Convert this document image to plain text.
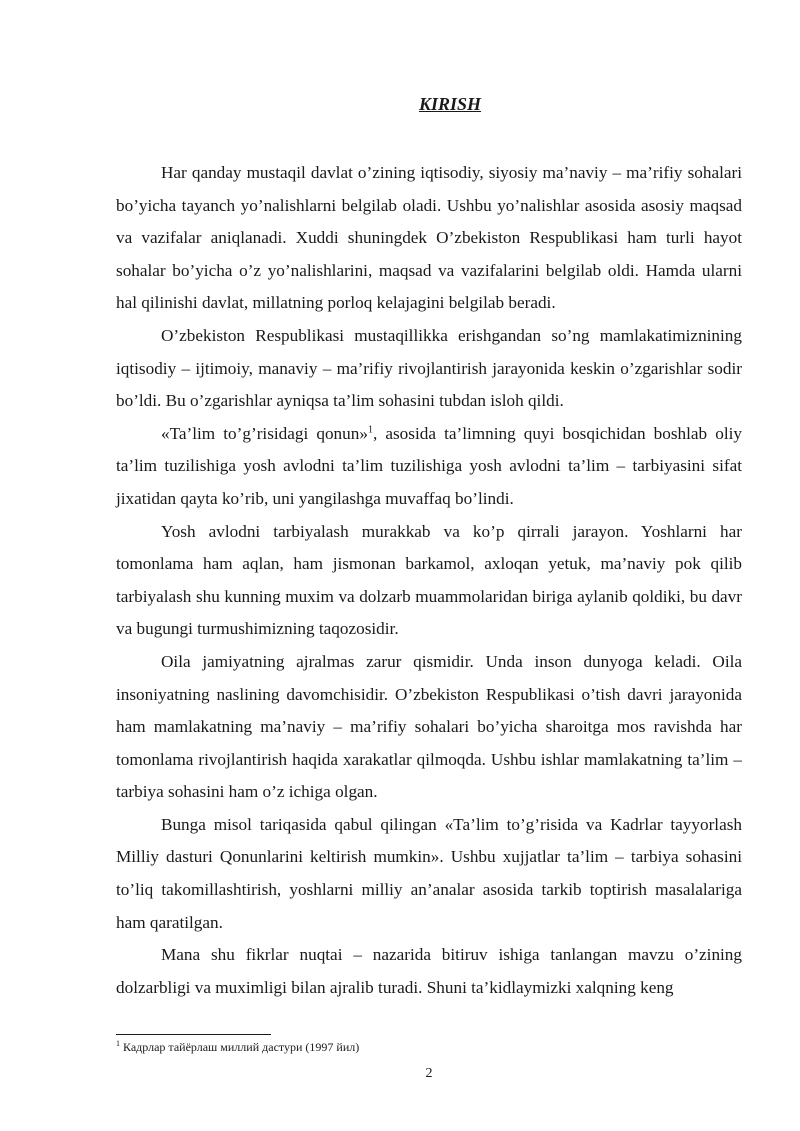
KIRISH

Har qanday mustaqil davlat o’zining iqtisodiy, siyosiy ma’naviy – ma’rifiy sohalari bo’yicha tayanch yo’nalishlarni belgilab oladi. Ushbu yo’nalishlar asosida asosiy maqsad va vazifalar aniqlanadi. Xuddi shuningdek O’zbekiston Respublikasi ham turli hayot sohalar bo’yicha o’z yo’nalishlarini, maqsad va vazifalarini belgilab oldi. Hamda ularni hal qilinishi davlat, millatning porloq kelajagini belgilab beradi.

O’zbekiston Respublikasi mustaqillikka erishgandan so’ng mamlakatimiznining iqtisodiy – ijtimoiy, manaviy – ma’rifiy rivojlantirish jarayonida keskin o’zgarishlar sodir bo’ldi. Bu o’zgarishlar ayniqsa ta’lim sohasini tubdan isloh qildi.

«Ta’lim to’g’risidagi qonun»$^1$, asosida ta’limning quyi bosqichidan boshlab oliy ta’lim tuzilishiga yosh avlodni ta’lim tuzilishiga yosh avlodni ta’lim – tarbiyasini sifat jixatidan qayta ko’rib, uni yangilashga muvaffaq bo’lindi.

Yosh avlodni tarbiyalash murakkab va ko’p qirrali jarayon. Yoshlarni har tomonlama ham aqlan, ham jismonan barkamol, axloqan yetuk, ma’naviy pok qilib tarbiyalash shu kunning muxim va dolzarb muammolaridan biriga aylanib qoldiki, bu davr va bugungi turmushimizning taqozosidir.

Oila jamiyatning ajralmas zarur qismidir. Unda inson dunyoga keladi. Oila insoniyatning naslining davomchisidir. O’zbekiston Respublikasi o’tish davri jarayonida ham mamlakatning ma’naviy – ma’rifiy sohalari bo’yicha sharoitga mos ravishda har tomonlama rivojlantirish haqida xarakatlar qilmoqda. Ushbu ishlar mamlakatning ta’lim – tarbiya sohasini ham o’z ichiga olgan.

Bunga misol tariqasida qabul qilingan «Ta’lim to’g’risida va Kadrlar tayyorlash Milliy dasturi Qonunlarini keltirish mumkin». Ushbu xujjatlar ta’lim – tarbiya sohasini to’liq takomillashtirish, yoshlarni milliy an’analar asosida tarkib toptirish masalalariga ham qaratilgan.

Mana shu fikrlar nuqtai – nazarida bitiruv ishiga tanlangan mavzu o’zining dolzarbligi va muximligi bilan ajralib turadi. Shuni ta’kidlaymizki xalqning keng

$^1$ Кадрлар тайёрлаш миллий дастури (1997 йил)
2
